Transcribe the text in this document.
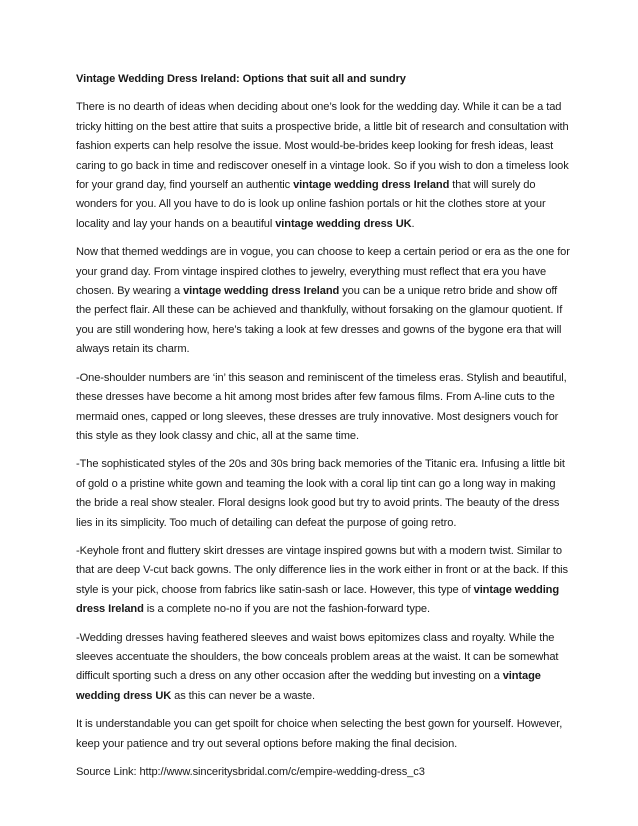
Vintage Wedding Dress Ireland: Options that suit all and sundry

There is no dearth of ideas when deciding about one’s look for the wedding day. While it can be a tad tricky hitting on the best attire that suits a prospective bride, a little bit of research and consultation with fashion experts can help resolve the issue. Most would-be-brides keep looking for fresh ideas, least caring to go back in time and rediscover oneself in a vintage look. So if you wish to don a timeless look for your grand day, find yourself an authentic vintage wedding dress Ireland that will surely do wonders for you. All you have to do is look up online fashion portals or hit the clothes store at your locality and lay your hands on a beautiful vintage wedding dress UK.

Now that themed weddings are in vogue, you can choose to keep a certain period or era as the one for your grand day. From vintage inspired clothes to jewelry, everything must reflect that era you have chosen. By wearing a vintage wedding dress Ireland you can be a unique retro bride and show off the perfect flair. All these can be achieved and thankfully, without forsaking on the glamour quotient. If you are still wondering how, here’s taking a look at few dresses and gowns of the bygone era that will always retain its charm.

-One-shoulder numbers are ‘in’ this season and reminiscent of the timeless eras. Stylish and beautiful, these dresses have become a hit among most brides after few famous films. From A-line cuts to the mermaid ones, capped or long sleeves, these dresses are truly innovative. Most designers vouch for this style as they look classy and chic, all at the same time.

-The sophisticated styles of the 20s and 30s bring back memories of the Titanic era. Infusing a little bit of gold o a pristine white gown and teaming the look with a coral lip tint can go a long way in making the bride a real show stealer. Floral designs look good but try to avoid prints. The beauty of the dress lies in its simplicity. Too much of detailing can defeat the purpose of going retro.

-Keyhole front and fluttery skirt dresses are vintage inspired gowns but with a modern twist. Similar to that are deep V-cut back gowns. The only difference lies in the work either in front or at the back. If this style is your pick, choose from fabrics like satin-sash or lace. However, this type of vintage wedding dress Ireland is a complete no-no if you are not the fashion-forward type.

-Wedding dresses having feathered sleeves and waist bows epitomizes class and royalty. While the sleeves accentuate the shoulders, the bow conceals problem areas at the waist. It can be somewhat difficult sporting such a dress on any other occasion after the wedding but investing on a vintage wedding dress UK as this can never be a waste.

It is understandable you can get spoilt for choice when selecting the best gown for yourself. However, keep your patience and try out several options before making the final decision.

Source Link: http://www.sinceritysbridal.com/c/empire-wedding-dress_c3
